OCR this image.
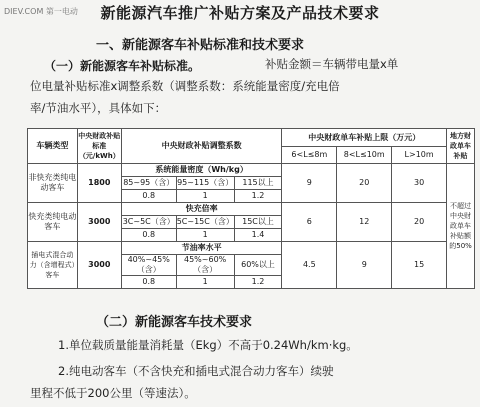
DIEV.COM 第一电动	新能源汽车推广补贴方案及产品技术要求
一、新能源客车补贴标准和技术要求
（一）新能源客车补贴标准。	补贴金额＝车辆带电量x单
位电量补贴标准x调整系数（调整系数：系统能量密度/充电倍
率/节油水平），具体如下：
车辆类型	中央财政补贴标准（元/kWh）	中央财政补贴调整系数			中央财政单车补贴上限（万元）			地方财政单车补贴
					6<L≤8m	8<L≤10m	L>10m	
非快充类纯电动客车	1800	系统能量密度（Wh/kg）			9	20	30	不超过中央财政单车补贴额的50%
		85~95（含）	95~115（含）	115以上				
		0.8	1	1.2				
快充类纯电动客车	3000	快充倍率			6	12	20	
		3C~5C（含）	5C~15C（含）	15C以上				
		0.8	1	1.4				
插电式混合动力（含增程式）客车	3000	节油率水平			4.5	9	15	
		40%~45%（含）	45%~60%（含）	60%以上				
		0.8	1	1.2				
（二）新能源客车技术要求
1.单位载质量能量消耗量（Ekg）不高于0.24Wh/km·kg。
2.纯电动客车（不含快充和插电式混合动力客车）续驶
里程不低于200公里（等速法）。
